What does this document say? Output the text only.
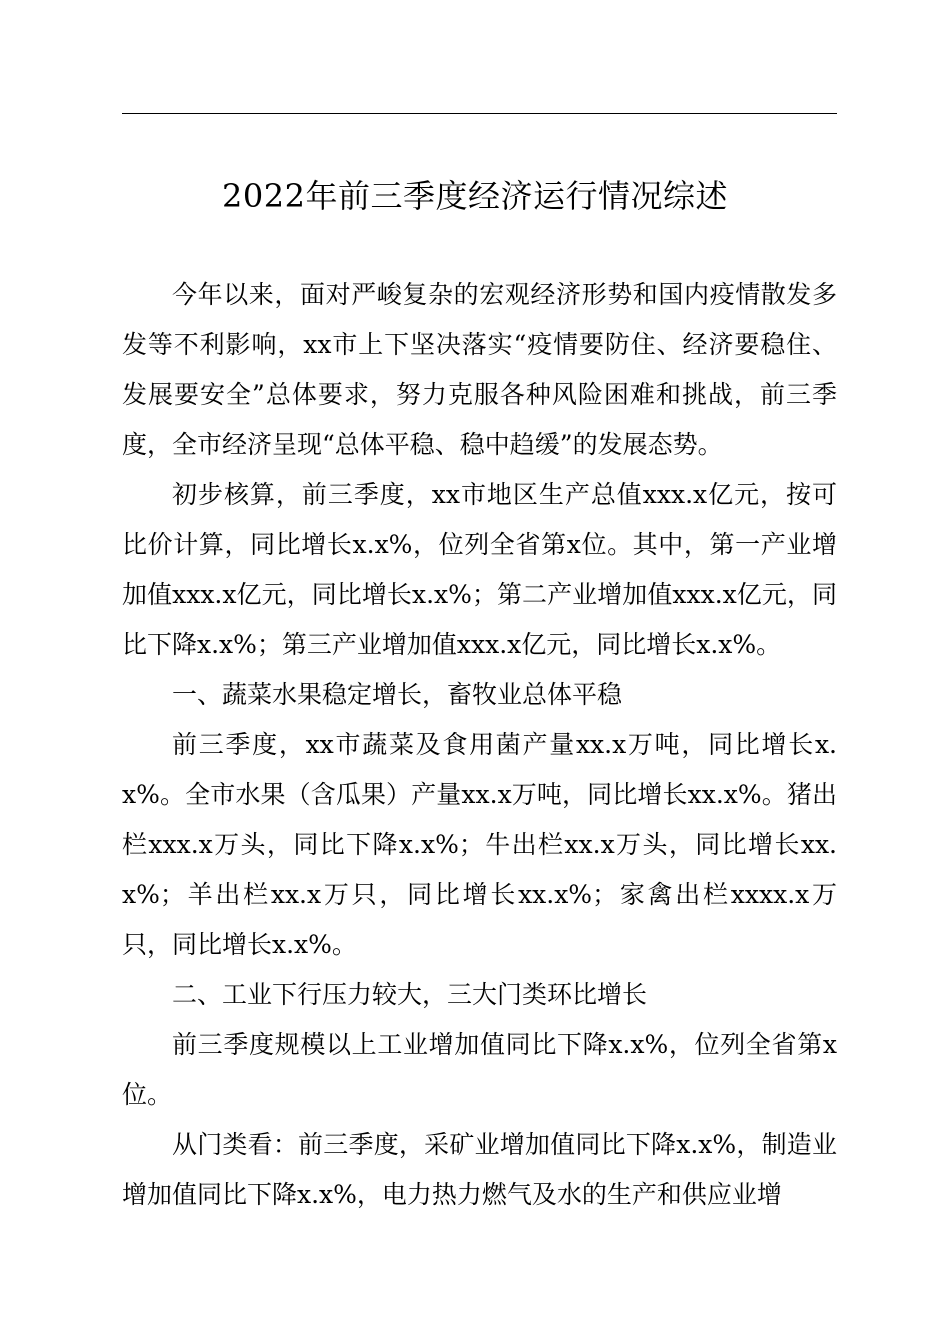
2022年前三季度经济运行情况综述

今年以来，面对严峻复杂的宏观经济形势和国内疫情散发多发等不利影响，xx市上下坚决落实“疫情要防住、经济要稳住、发展要安全”总体要求，努力克服各种风险困难和挑战，前三季度，全市经济呈现“总体平稳、稳中趋缓”的发展态势。

初步核算，前三季度，xx市地区生产总值xxx.x亿元，按可比价计算，同比增长x.x%，位列全省第x位。其中，第一产业增加值xxx.x亿元，同比增长x.x%；第二产业增加值xxx.x亿元，同比下降x.x%；第三产业增加值xxx.x亿元，同比增长x.x%。

一、蔬菜水果稳定增长，畜牧业总体平稳

前三季度，xx市蔬菜及食用菌产量xx.x万吨，同比增长x.x%。全市水果（含瓜果）产量xx.x万吨，同比增长xx.x%。猪出栏xxx.x万头，同比下降x.x%；牛出栏xx.x万头，同比增长xx.x%；羊出栏xx.x万只，同比增长xx.x%；家禽出栏xxxx.x万只，同比增长x.x%。

二、工业下行压力较大，三大门类环比增长

前三季度规模以上工业增加值同比下降x.x%，位列全省第x位。

从门类看：前三季度，采矿业增加值同比下降x.x%，制造业增加值同比下降x.x%，电力热力燃气及水的生产和供应业增
